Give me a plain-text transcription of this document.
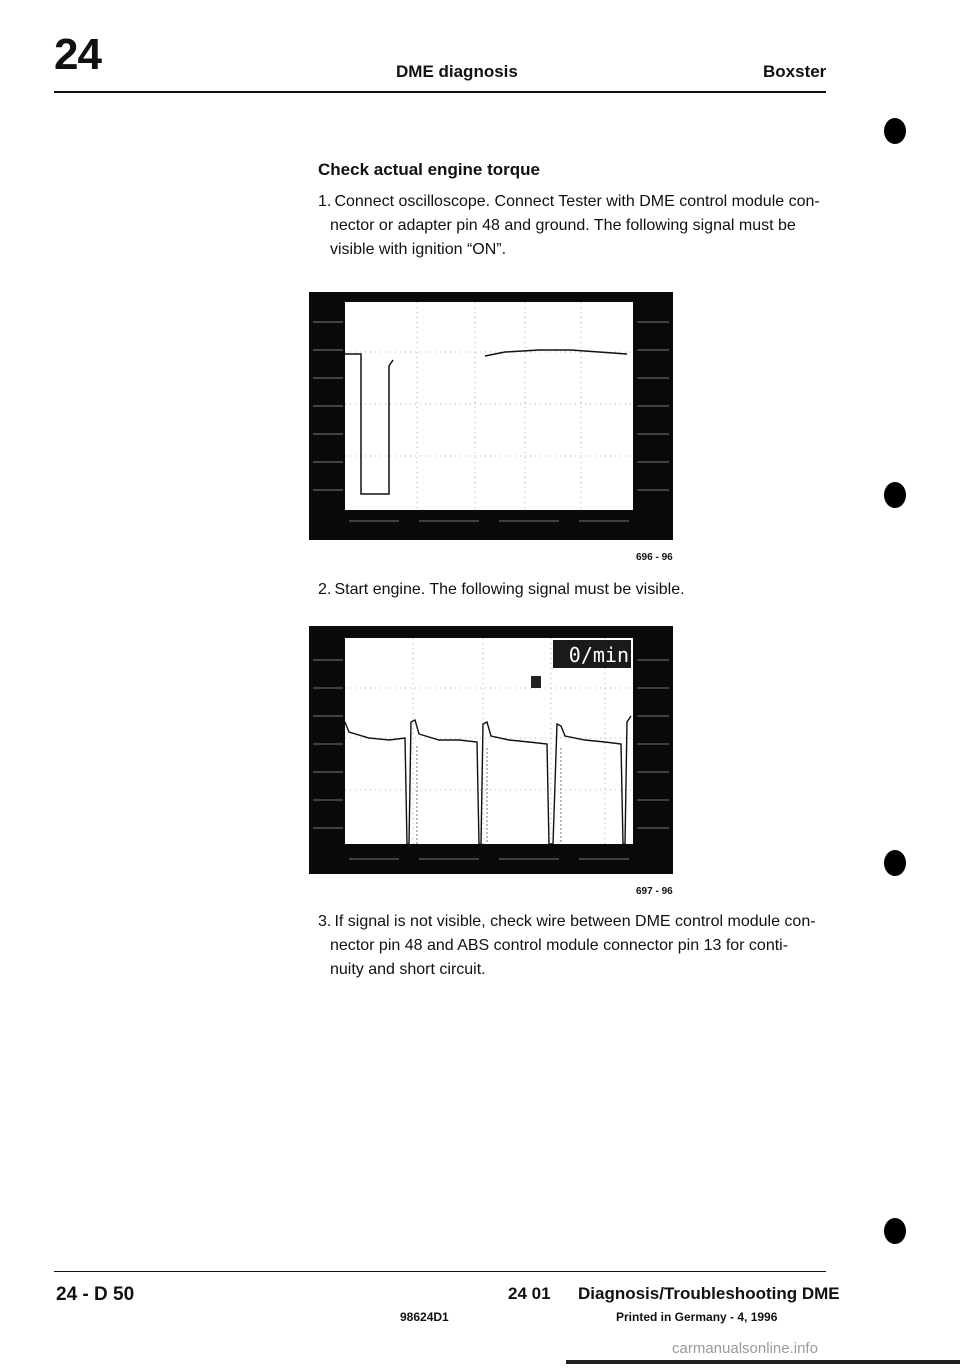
24	DME diagnosis	Boxster
Check actual engine torque
1. Connect oscilloscope. Connect Tester with DME control module con-
nector or adapter pin 48 and ground. The following signal must be
visible with ignition “ON”.
696 - 96
2. Start engine. The following signal must be visible.
0/min
697 - 96
3. If signal is not visible, check wire between DME control module con-
nector pin 48 and ABS control module connector pin 13 for conti-
nuity and short circuit.
24 - D 50	24 01 Diagnosis/Troubleshooting DME
98624D1	Printed in Germany - 4, 1996
carmanualsonline.info
